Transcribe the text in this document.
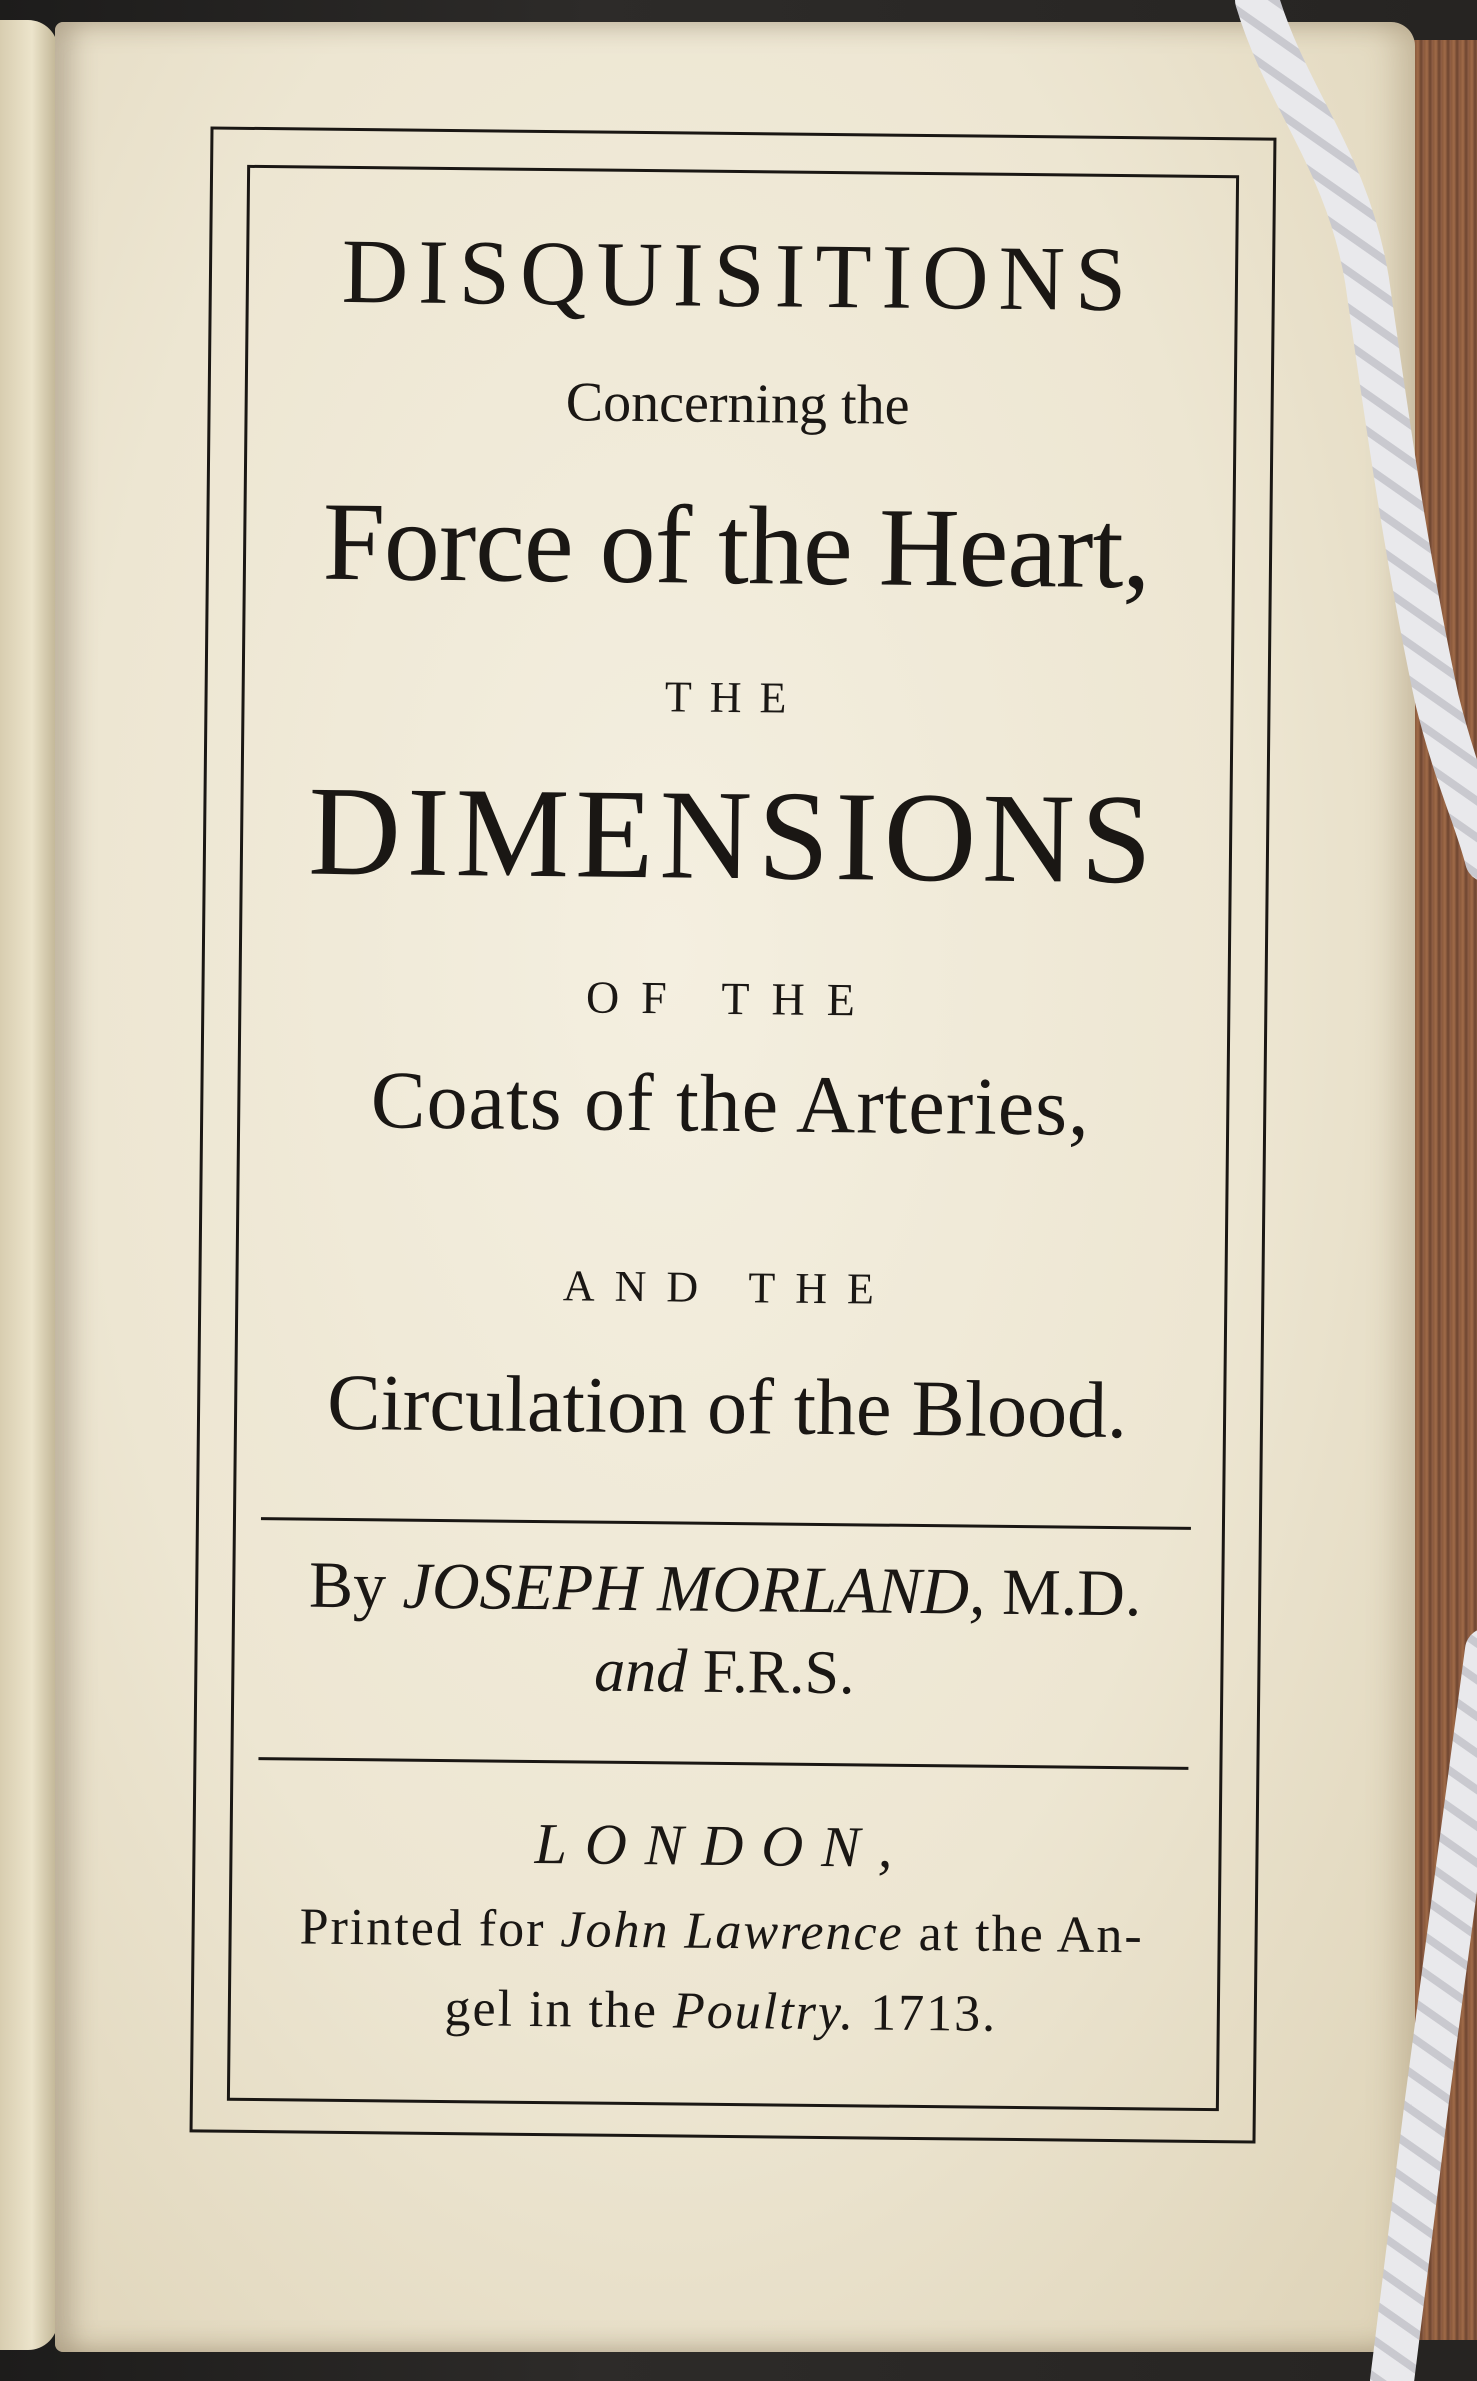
DISQUISITIONS
Concerning the
Force of the Heart,
THE
DIMENSIONS
OF THE
Coats of the Arteries,
AND THE
Circulation of the Blood.
By JOSEPH MORLAND, M.D.
and F.R.S.
LONDON,
Printed for John Lawrence at the An-
gel in the Poultry. 1713.
